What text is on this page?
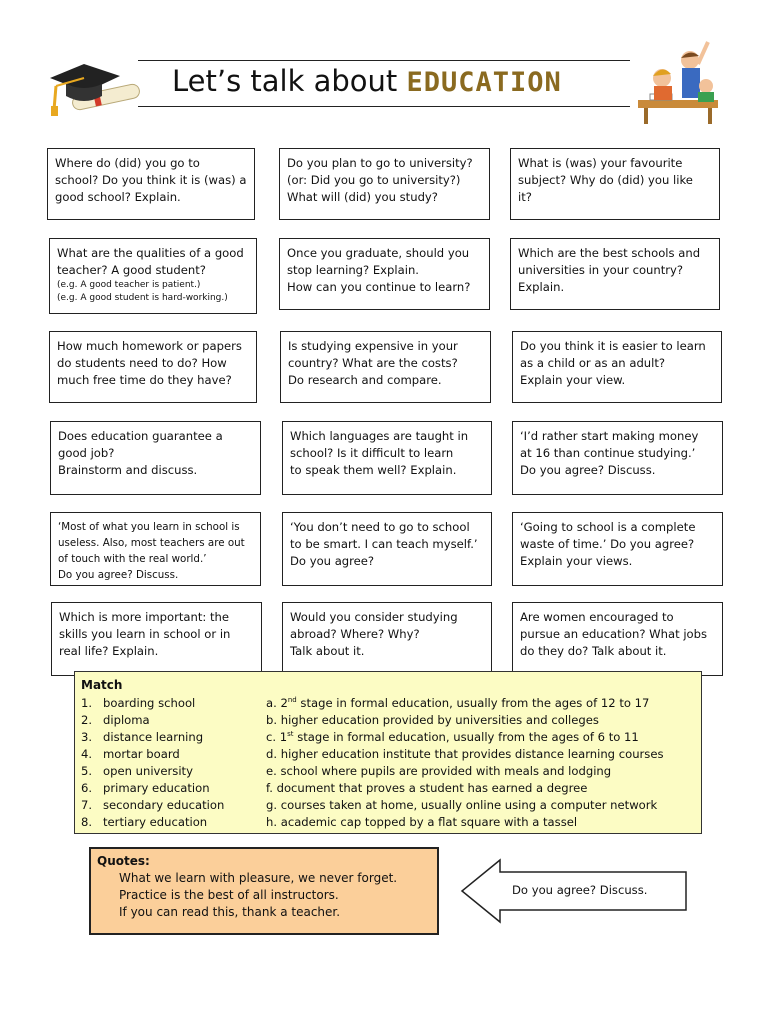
Let’s talk about EDUCATION

Where do (did) you go to

school? Do you think it is (was) a

good school? Explain.

Do you plan to go to university?

(or: Did you go to university?)

What will (did) you study?

What is (was) your favourite

subject? Why do (did) you like

it?

What are the qualities of a good

teacher? A good student?

(e.g. A good teacher is patient.)

(e.g. A good student is hard-working.)

Once you graduate, should you

stop learning? Explain.

How can you continue to learn?

Which are the best schools and

universities in your country?

Explain.

How much homework or papers

do students need to do? How

much free time do they have?

Is studying expensive in your

country? What are the costs?

Do research and compare.

Do you think it is easier to learn

as a child or as an adult?

Explain your view.

Does education guarantee a

good job?

Brainstorm and discuss.

Which languages are taught in

school? Is it difficult to learn

to speak them well? Explain.

‘I’d rather start making money

at 16 than continue studying.’

Do you agree? Discuss.

‘Most of what you learn in school is

useless. Also, most teachers are out

of touch with the real world.’

Do you agree? Discuss.

‘You don’t need to go to school

to be smart. I can teach myself.’

Do you agree?

‘Going to school is a complete

waste of time.’ Do you agree?

Explain your views.

Which is more important: the

skills you learn in school or in

real life? Explain.

Would you consider studying

abroad? Where? Why?

Talk about it.

Are women encouraged to

pursue an education? What jobs

do they do? Talk about it.

Match
1. boarding school	a. 2nd stage in formal education, usually from the ages of 12 to 17
2. diploma	b. higher education provided by universities and colleges
3. distance learning	c. 1st stage in formal education, usually from the ages of 6 to 11
4. mortar board	d. higher education institute that provides distance learning courses
5. open university	e. school where pupils are provided with meals and lodging
6. primary education	f. document that proves a student has earned a degree
7. secondary education	g. courses taken at home, usually online using a computer network
8. tertiary education	h. academic cap topped by a flat square with a tassel
Quotes:
What we learn with pleasure, we never forget.
Practice is the best of all instructors.
If you can read this, thank a teacher.
Do you agree? Discuss.
